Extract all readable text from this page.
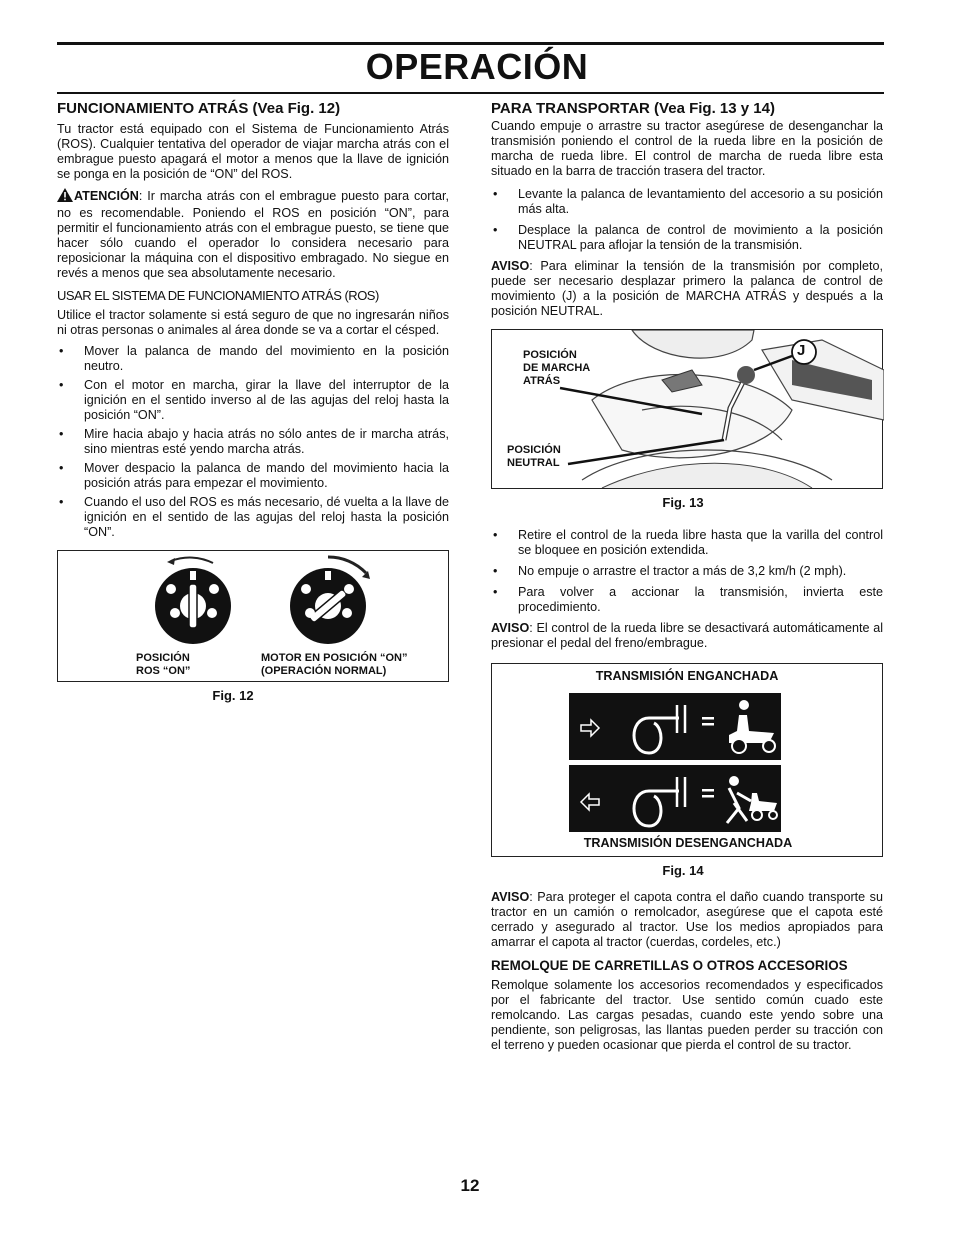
OPERACIÓN
FUNCIONAMIENTO ATRÁS (Vea Fig. 12)

Tu tractor está equipado con el Sistema de Funcionamiento Atrás (ROS). Cualquier tentativa del operador de viajar marcha atrás con el embrague puesto apagará el motor a menos que la llave de ignición se ponga en la posición de “ON” del ROS.

ATENCIÓN: Ir marcha atrás con el embrague puesto para cortar, no es recomendable. Poniendo el ROS en posición “ON”, para permitir el funcionamiento atrás con el embrague puesto, se tiene que hacer sólo cuando el operador lo considera necesario para reposicionar la máquina con el dispositivo embragado. No siegue en revés a menos que sea absolutamente necesario.

USAR EL SISTEMA DE FUNCIONAMIENTO ATRÁS (ROS)

Utilice el tractor solamente si está seguro de que no ingresarán niños ni otras personas o animales al área donde se va a cortar el césped.

• Mover la palanca de mando del movimiento en la posición neutro.
• Con el motor en marcha, girar la llave del interruptor de la ignición en el sentido inverso al de las agujas del reloj hasta la posición “ON”.
• Mire hacia abajo y hacia atrás no sólo antes de ir marcha atrás, sino mientras esté yendo marcha atrás.
• Mover despacio la palanca de mando del movimiento hacia la posición atrás para empezar el movimiento.
• Cuando el uso del ROS es más necesario, dé vuelta a la llave de ignición en el sentido de las agujas del reloj hasta la posición “ON”.
POSICIÓN
ROS “ON”
MOTOR EN POSICIÓN “ON”
(OPERACIÓN NORMAL)
Fig. 12
PARA TRANSPORTAR (Vea Fig. 13 y 14)

Cuando empuje o arrastre su tractor asegúrese de desenganchar la transmisión poniendo el control de la rueda libre en la posición de marcha de rueda libre. El control de marcha de rueda libre esta situado en la barra de tracción trasera del tractor.

• Levante la palanca de levantamiento del accesorio a su posición más alta.
• Desplace la palanca de control de movimiento a la posición NEUTRAL para aflojar la tensión de la transmisión.

AVISO: Para eliminar la tensión de la transmisión por completo, puede ser necesario desplazar primero la palanca de control de movimiento (J) a la posición de MARCHA ATRÁS y después a la posición NEUTRAL.

J
POSICIÓN
DE MARCHA
ATRÁS
POSICIÓN
NEUTRAL
Fig. 13
• Retire el control de la rueda libre hasta que la varilla del control se bloquee en posición extendida.
• No empuje o arrastre el tractor a más de 3,2 km/h (2 mph).
• Para volver a accionar la transmisión, invierta este procedimiento.

AVISO: El control de la rueda libre se desactivará automáticamente al presionar el pedal del freno/embrague.

TRANSMISIÓN ENGANCHADA
TRANSMISIÓN DESENGANCHADA
Fig. 14

AVISO: Para proteger el capota contra el daño cuando transporte su tractor en un camión o remolcador, asegúrese que el capota esté cerrado y asegurado al tractor. Use los medios apropiados para amarrar el capota al tractor (cuerdas, cordeles, etc.)

REMOLQUE DE CARRETILLAS O OTROS ACCESORIOS

Remolque solamente los accesorios recomendados y especificados por el fabricante del tractor. Use sentido común cuado este remolcando. Las cargas pesadas, cuando este yendo sobre una pendiente, son peligrosas, las llantas pueden perder su tracción con el terreno y pueden ocasionar que pierda el control de su tractor.

12
